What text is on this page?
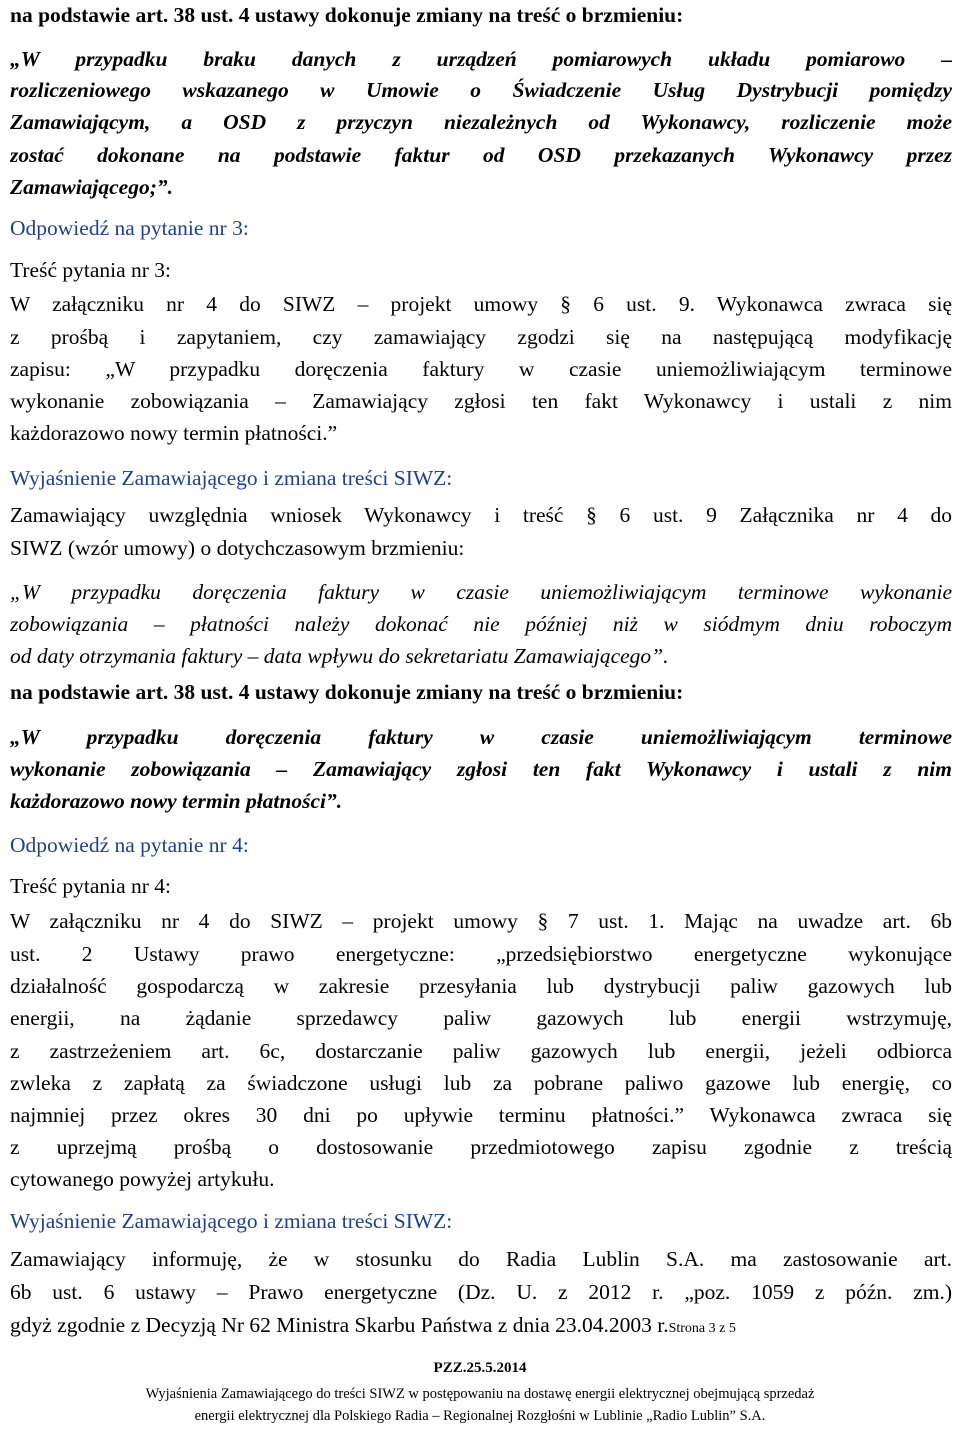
na podstawie art. 38 ust. 4 ustawy dokonuje zmiany na treść o brzmieniu:
„W przypadku braku danych z urządzeń pomiarowych układu pomiarowo –
rozliczeniowego wskazanego w Umowie o Świadczenie Usług Dystrybucji pomiędzy
Zamawiającym, a OSD z przyczyn niezależnych od Wykonawcy, rozliczenie może
zostać dokonane na podstawie faktur od OSD przekazanych Wykonawcy przez
Zamawiającego;”.
Odpowiedź na pytanie nr 3:
Treść pytania nr 3:
W załączniku nr 4 do SIWZ – projekt umowy § 6 ust. 9. Wykonawca zwraca się
z prośbą i zapytaniem, czy zamawiający zgodzi się na następującą modyfikację
zapisu: „W przypadku doręczenia faktury w czasie uniemożliwiającym terminowe
wykonanie zobowiązania – Zamawiający zgłosi ten fakt Wykonawcy i ustali z nim
każdorazowo nowy termin płatności.”
Wyjaśnienie Zamawiającego i zmiana treści SIWZ:
Zamawiający uwzględnia wniosek Wykonawcy i treść § 6 ust. 9 Załącznika nr 4 do
SIWZ (wzór umowy) o dotychczasowym brzmieniu:
„W przypadku doręczenia faktury w czasie uniemożliwiającym terminowe wykonanie
zobowiązania – płatności należy dokonać nie później niż w siódmym dniu roboczym
od daty otrzymania faktury – data wpływu do sekretariatu Zamawiającego”.
na podstawie art. 38 ust. 4 ustawy dokonuje zmiany na treść o brzmieniu:
„W przypadku doręczenia faktury w czasie uniemożliwiającym terminowe
wykonanie zobowiązania – Zamawiający zgłosi ten fakt Wykonawcy i ustali z nim
każdorazowo nowy termin płatności”.
Odpowiedź na pytanie nr 4:
Treść pytania nr 4:
W załączniku nr 4 do SIWZ – projekt umowy § 7 ust. 1. Mając na uwadze art. 6b
ust. 2 Ustawy prawo energetyczne: „przedsiębiorstwo energetyczne wykonujące
działalność gospodarczą w zakresie przesyłania lub dystrybucji paliw gazowych lub
energii, na żądanie sprzedawcy paliw gazowych lub energii wstrzymuję,
z zastrzeżeniem art. 6c, dostarczanie paliw gazowych lub energii, jeżeli odbiorca
zwleka z zapłatą za świadczone usługi lub za pobrane paliwo gazowe lub energię, co
najmniej przez okres 30 dni po upływie terminu płatności.” Wykonawca zwraca się
z uprzejmą prośbą o dostosowanie przedmiotowego zapisu zgodnie z treścią
cytowanego powyżej artykułu.
Wyjaśnienie Zamawiającego i zmiana treści SIWZ:
Zamawiający informuję, że w stosunku do Radia Lublin S.A. ma zastosowanie art.
6b ust. 6 ustawy – Prawo energetyczne (Dz. U. z 2012 r. „poz. 1059 z późn. zm.)
gdyż zgodnie z Decyzją Nr 62 Ministra Skarbu Państwa z dnia 23.04.2003 r.Strona 3 z 5
PZZ.25.5.2014
Wyjaśnienia Zamawiającego do treści SIWZ w postępowaniu na dostawę energii elektrycznej obejmującą sprzedaż
energii elektrycznej dla Polskiego Radia – Regionalnej Rozgłośni w Lublinie „Radio Lublin” S.A.
